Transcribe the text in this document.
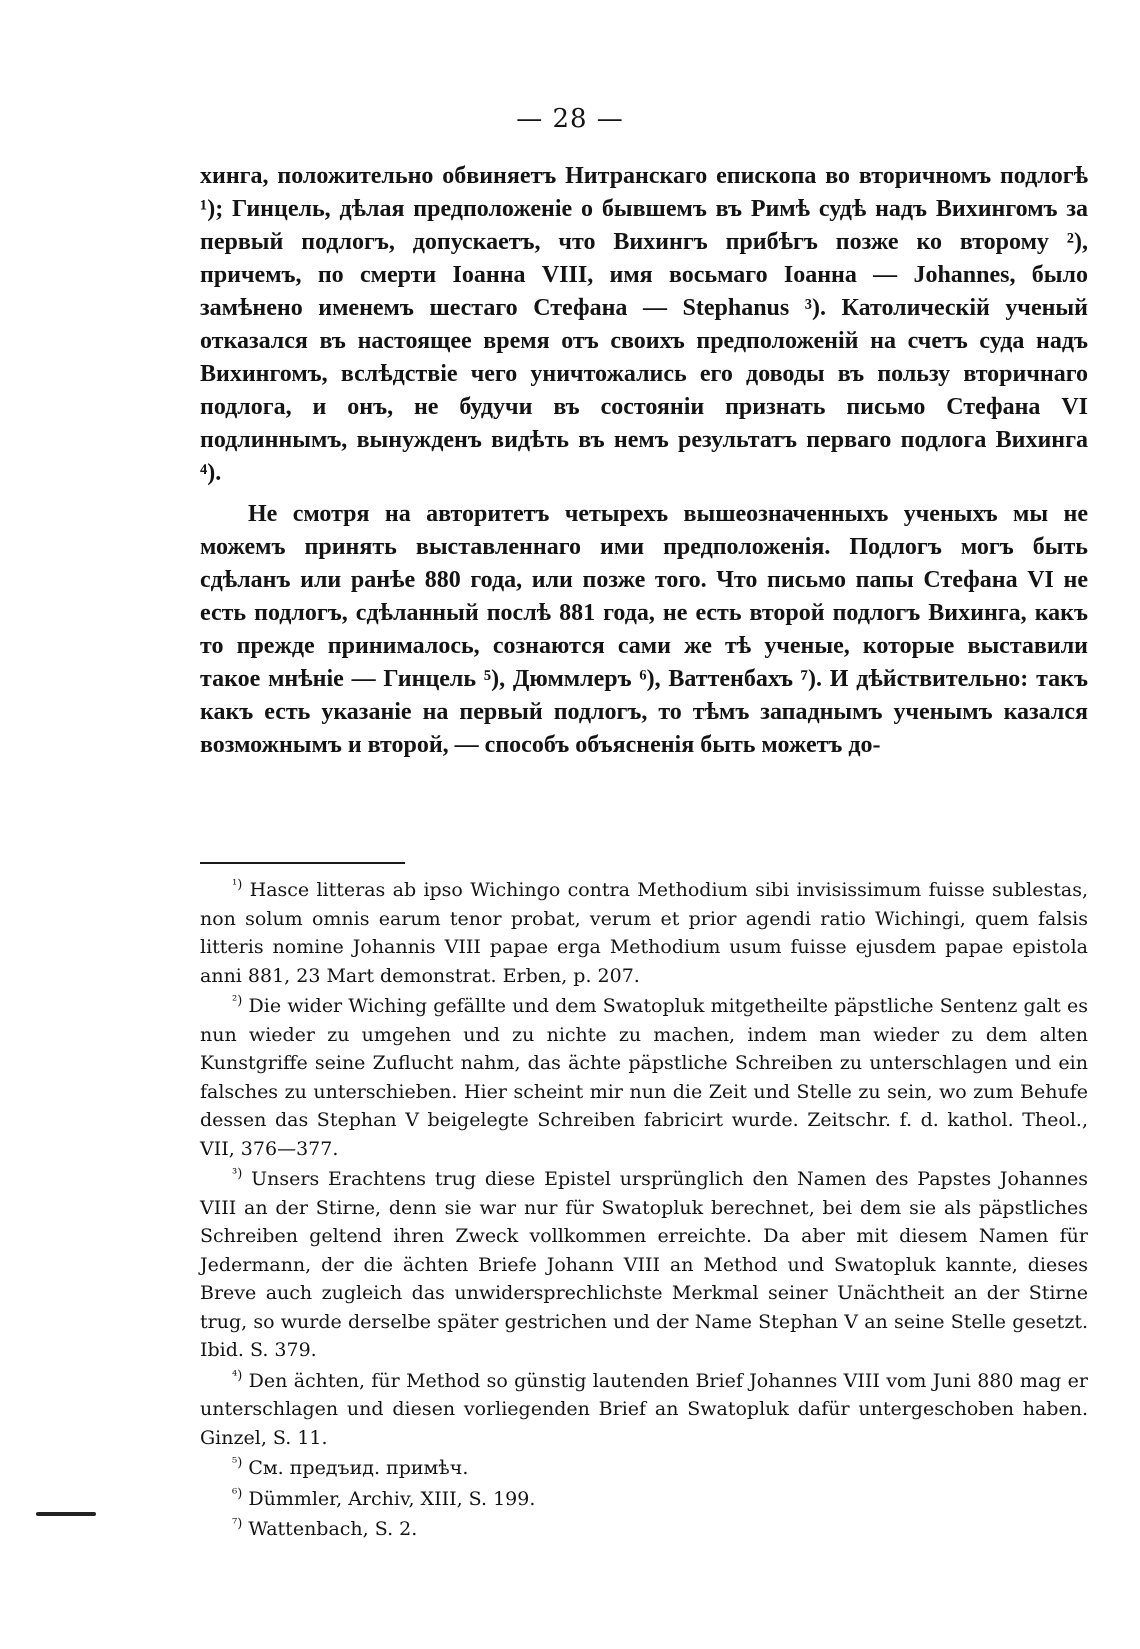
— 28 —

хинга, положительно обвиняетъ Нитранскаго епископа во вторичномъ подлогѣ ¹); Гинцель, дѣлая предположеніе о бывшемъ въ Римѣ судѣ надъ Вихингомъ за первый подлогъ, допускаетъ, что Вихингъ прибѣгъ позже ко второму ²), причемъ, по смерти Іоанна VIII, имя восьмаго Іоанна — Johannes, было замѣнено именемъ шестаго Стефана — Stephanus ³). Католическій ученый отказался въ настоящее время отъ своихъ предположеній на счетъ суда надъ Вихингомъ, вслѣдствіе чего уничтожались его доводы въ пользу вторичнаго подлога, и онъ, не будучи въ состояніи признать письмо Стефана VI подлиннымъ, вынужденъ видѣть въ немъ результатъ перваго подлога Вихинга ⁴).

Не смотря на авторитетъ четырехъ вышеозначенныхъ ученыхъ мы не можемъ принять выставленнаго ими предположенія. Подлогъ могъ быть сдѣланъ или ранѣе 880 года, или позже того. Что письмо папы Стефана VI не есть подлогъ, сдѣланный послѣ 881 года, не есть второй подлогъ Вихинга, какъ то прежде принималось, сознаются сами же тѣ ученые, которые выставили такое мнѣніе — Гинцель ⁵), Дюммлеръ ⁶), Ваттенбахъ ⁷). И дѣйствительно: такъ какъ есть указаніе на первый подлогъ, то тѣмъ западнымъ ученымъ казался возможнымъ и второй, — способъ объясненія быть можетъ до-

$^{^1)}$ Hasce litteras ab ipso Wichingo contra Methodium sibi invisissimum fuisse sublestas, non solum omnis earum tenor probat, verum et prior agendi ratio Wichingi, quem falsis litteris nomine Johannis VIII papae erga Methodium usum fuisse ejusdem papae epistola anni 881, 23 Mart demonstrat. Erben, p. 207.

$^{^2)}$ Die wider Wiching gefällte und dem Swatopluk mitgetheilte päpstliche Sentenz galt es nun wieder zu umgehen und zu nichte zu machen, indem man wieder zu dem alten Kunstgriffe seine Zuflucht nahm, das ächte päpstliche Schreiben zu unterschlagen und ein falsches zu unterschieben. Hier scheint mir nun die Zeit und Stelle zu sein, wo zum Behufe dessen das Stephan V beigelegte Schreiben fabricirt wurde. Zeitschr. f. d. kathol. Theol., VII, 376—377.

$^{^3)}$ Unsers Erachtens trug diese Epistel ursprünglich den Namen des Papstes Johannes VIII an der Stirne, denn sie war nur für Swatopluk berechnet, bei dem sie als päpstliches Schreiben geltend ihren Zweck vollkommen erreichte. Da aber mit diesem Namen für Jedermann, der die ächten Briefe Johann VIII an Method und Swatopluk kannte, dieses Breve auch zugleich das unwidersprechlichste Merkmal seiner Unächtheit an der Stirne trug, so wurde derselbe später gestrichen und der Name Stephan V an seine Stelle gesetzt. Ibid. S. 379.

$^{^4)}$ Den ächten, für Method so günstig lautenden Brief Johannes VIII vom Juni 880 mag er unterschlagen und diesen vorliegenden Brief an Swatopluk dafür untergeschoben haben. Ginzel, S. 11.

$^{^5)}$ См. предъид. примѣч.

$^{^6)}$ Dümmler, Archiv, XIII, S. 199.

$^{^7)}$ Wattenbach, S. 2.
